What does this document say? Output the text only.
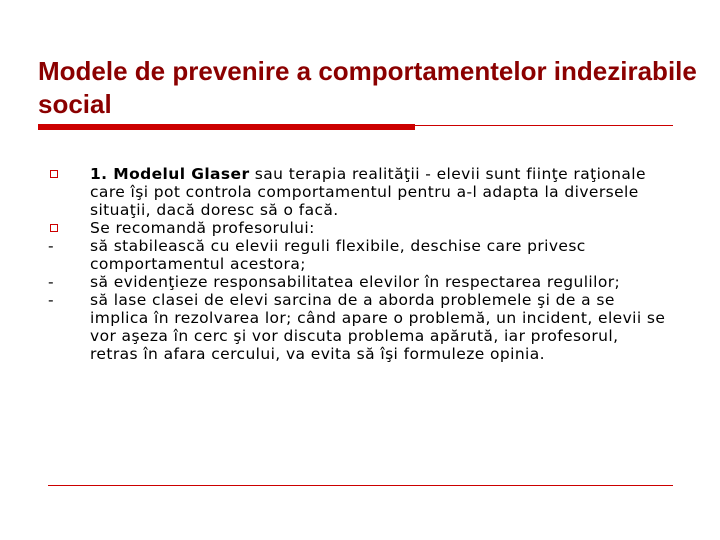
Modele de prevenire a comportamentelor indezirabile social

1. Modelul Glaser sau terapia realităţii - elevii sunt fiinţe raţionale care îşi pot controla comportamentul pentru a-l adapta la diversele situaţii, dacă doresc să o facă.

Se recomandă profesorului:

- să stabilească cu elevii reguli flexibile, deschise care privesc comportamentul acestora;

- să evidenţieze responsabilitatea elevilor în respectarea regulilor;

- să lase clasei de elevi sarcina de a aborda problemele şi de a se implica în rezolvarea lor; când apare o problemă, un incident, elevii se vor aşeza în cerc şi vor discuta problema apărută, iar profesorul, retras în afara cercului, va evita să îşi formuleze opinia.
